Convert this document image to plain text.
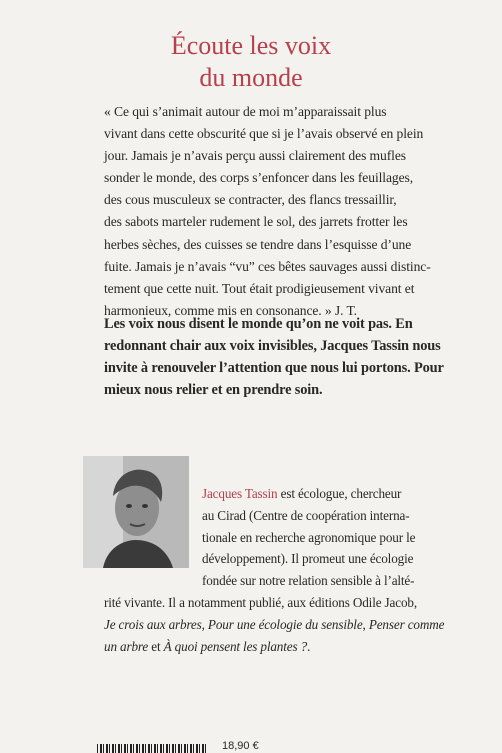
Écoute les voix
du monde
« Ce qui s’animait autour de moi m’apparaissait plus
vivant dans cette obscurité que si je l’avais observé en plein
jour. Jamais je n’avais perçu aussi clairement des mufles
sonder le monde, des corps s’enfoncer dans les feuillages,
des cous musculeux se contracter, des flancs tressaillir,
des sabots marteler rudement le sol, des jarrets frotter les
herbes sèches, des cuisses se tendre dans l’esquisse d’une
fuite. Jamais je n’avais “vu” ces bêtes sauvages aussi distinc-
tement que cette nuit. Tout était prodigieusement vivant et
harmonieux, comme mis en consonance. » J. T.
Les voix nous disent le monde qu’on ne voit pas. En
redonnant chair aux voix invisibles, Jacques Tassin nous
invite à renouveler l’attention que nous lui portons. Pour
mieux nous relier et en prendre soin.
Jacques Tassin est écologue, chercheur
au Cirad (Centre de coopération interna-
tionale en recherche agronomique pour le
développement). Il promeut une écologie
fondée sur notre relation sensible à l’alté-
rité vivante. Il a notamment publié, aux éditions Odile Jacob,
Je crois aux arbres, Pour une écologie du sensible, Penser comme
un arbre et À quoi pensent les plantes ?.
18,90 €
